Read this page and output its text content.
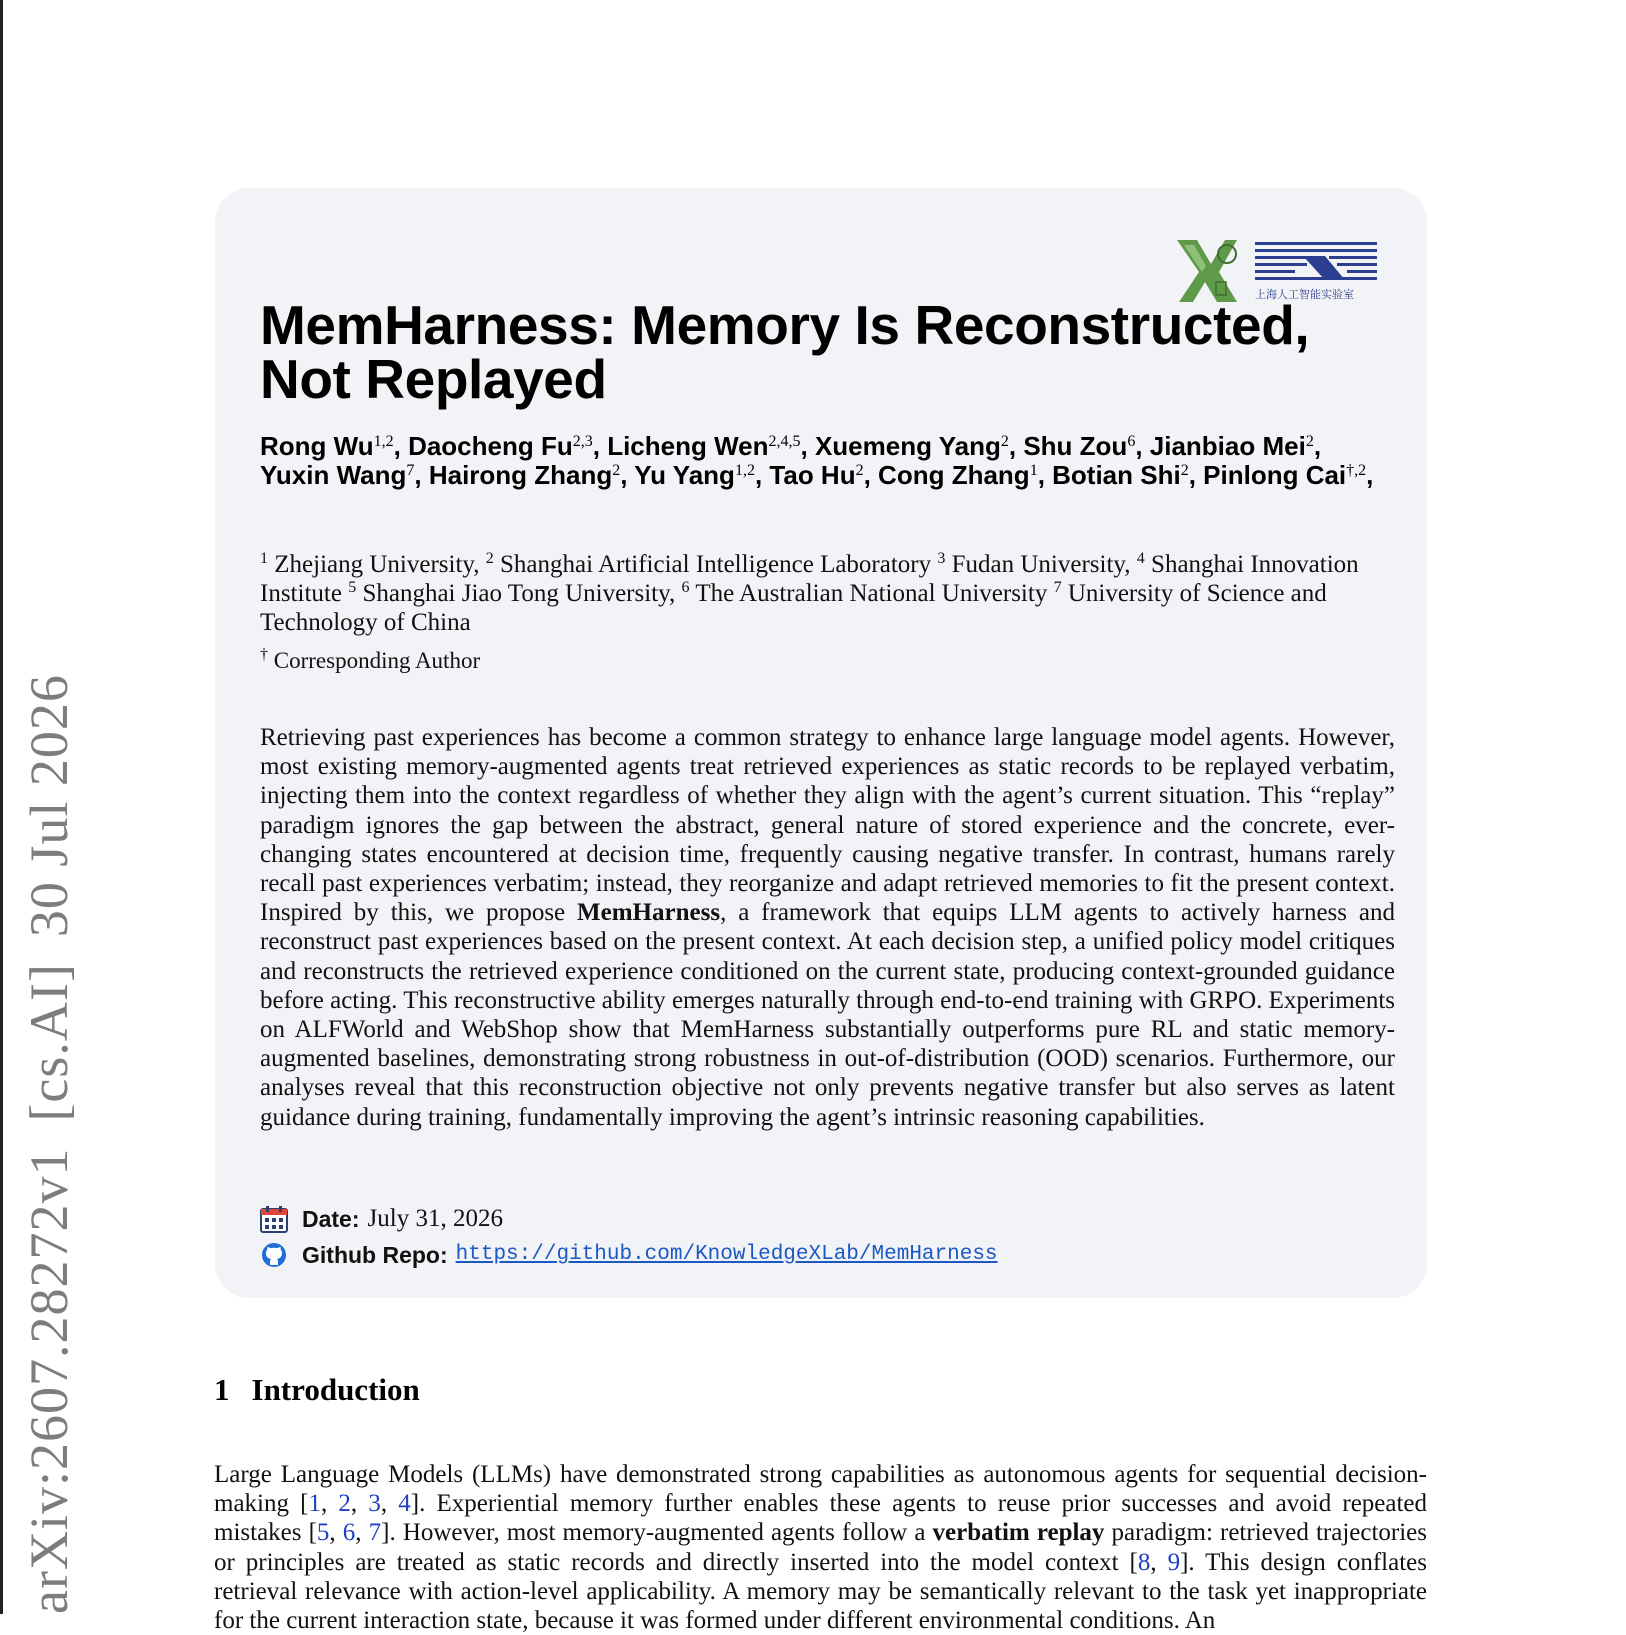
arXiv:2607.28272v1[cs.AI]30 Jul 2026
上海人工智能实验室
MemHarness: Memory Is Reconstructed,
Not Replayed
Rong Wu$^{1,2}$, Daocheng Fu$^{2,3}$, Licheng Wen$^{2,4,5}$, Xuemeng Yang$^2$, Shu Zou$^6$, Jianbiao Mei$^2$, Yuxin Wang$^7$, Hairong Zhang$^2$, Yu Yang$^{1,2}$, Tao Hu$^2$, Cong Zhang$^1$, Botian Shi$^2$, Pinlong Cai$^{\dagger,2}$,
$^1$ Zhejiang University, $^2$ Shanghai Artificial Intelligence Laboratory $^3$ Fudan University, $^4$ Shanghai Innovation Institute $^5$ Shanghai Jiao Tong University, $^6$ The Australian National University $^7$ University of Science and Technology of China
† Corresponding Author

Retrieving past experiences has become a common strategy to enhance large language model agents. However, most existing memory-augmented agents treat retrieved experiences as static records to be replayed verbatim, injecting them into the context regardless of whether they align with the agent’s current situation. This “replay” paradigm ignores the gap between the abstract, general nature of stored experience and the concrete, ever-changing states encountered at decision time, frequently causing negative transfer. In contrast, humans rarely recall past experiences verbatim; instead, they reorganize and adapt retrieved memories to fit the present context. Inspired by this, we propose MemHarness, a framework that equips LLM agents to actively harness and reconstruct past experiences based on the present context. At each decision step, a unified policy model critiques and reconstructs the retrieved experience conditioned on the current state, producing context-grounded guidance before acting. This reconstructive ability emerges naturally through end-to-end training with GRPO. Experiments on ALFWorld and WebShop show that MemHarness substantially outperforms pure RL and static memory-augmented baselines, demonstrating strong robustness in out-of-distribution (OOD) scenarios. Furthermore, our analyses reveal that this reconstruction objective not only prevents negative transfer but also serves as latent guidance during training, fundamentally improving the agent’s intrinsic reasoning capabilities.

Date: July 31, 2026
Github Repo: https://github.com/KnowledgeXLab/MemHarness
1 Introduction

Large Language Models (LLMs) have demonstrated strong capabilities as autonomous agents for sequential decision-making [1, 2, 3, 4]. Experiential memory further enables these agents to reuse prior successes and avoid repeated mistakes [5, 6, 7]. However, most memory-augmented agents follow a verbatim replay paradigm: retrieved trajectories or principles are treated as static records and directly inserted into the model context [8, 9]. This design conflates retrieval relevance with action-level applicability. A memory may be semantically relevant to the task yet inappropriate for the current interaction state, because it was formed under different environmental conditions. An
